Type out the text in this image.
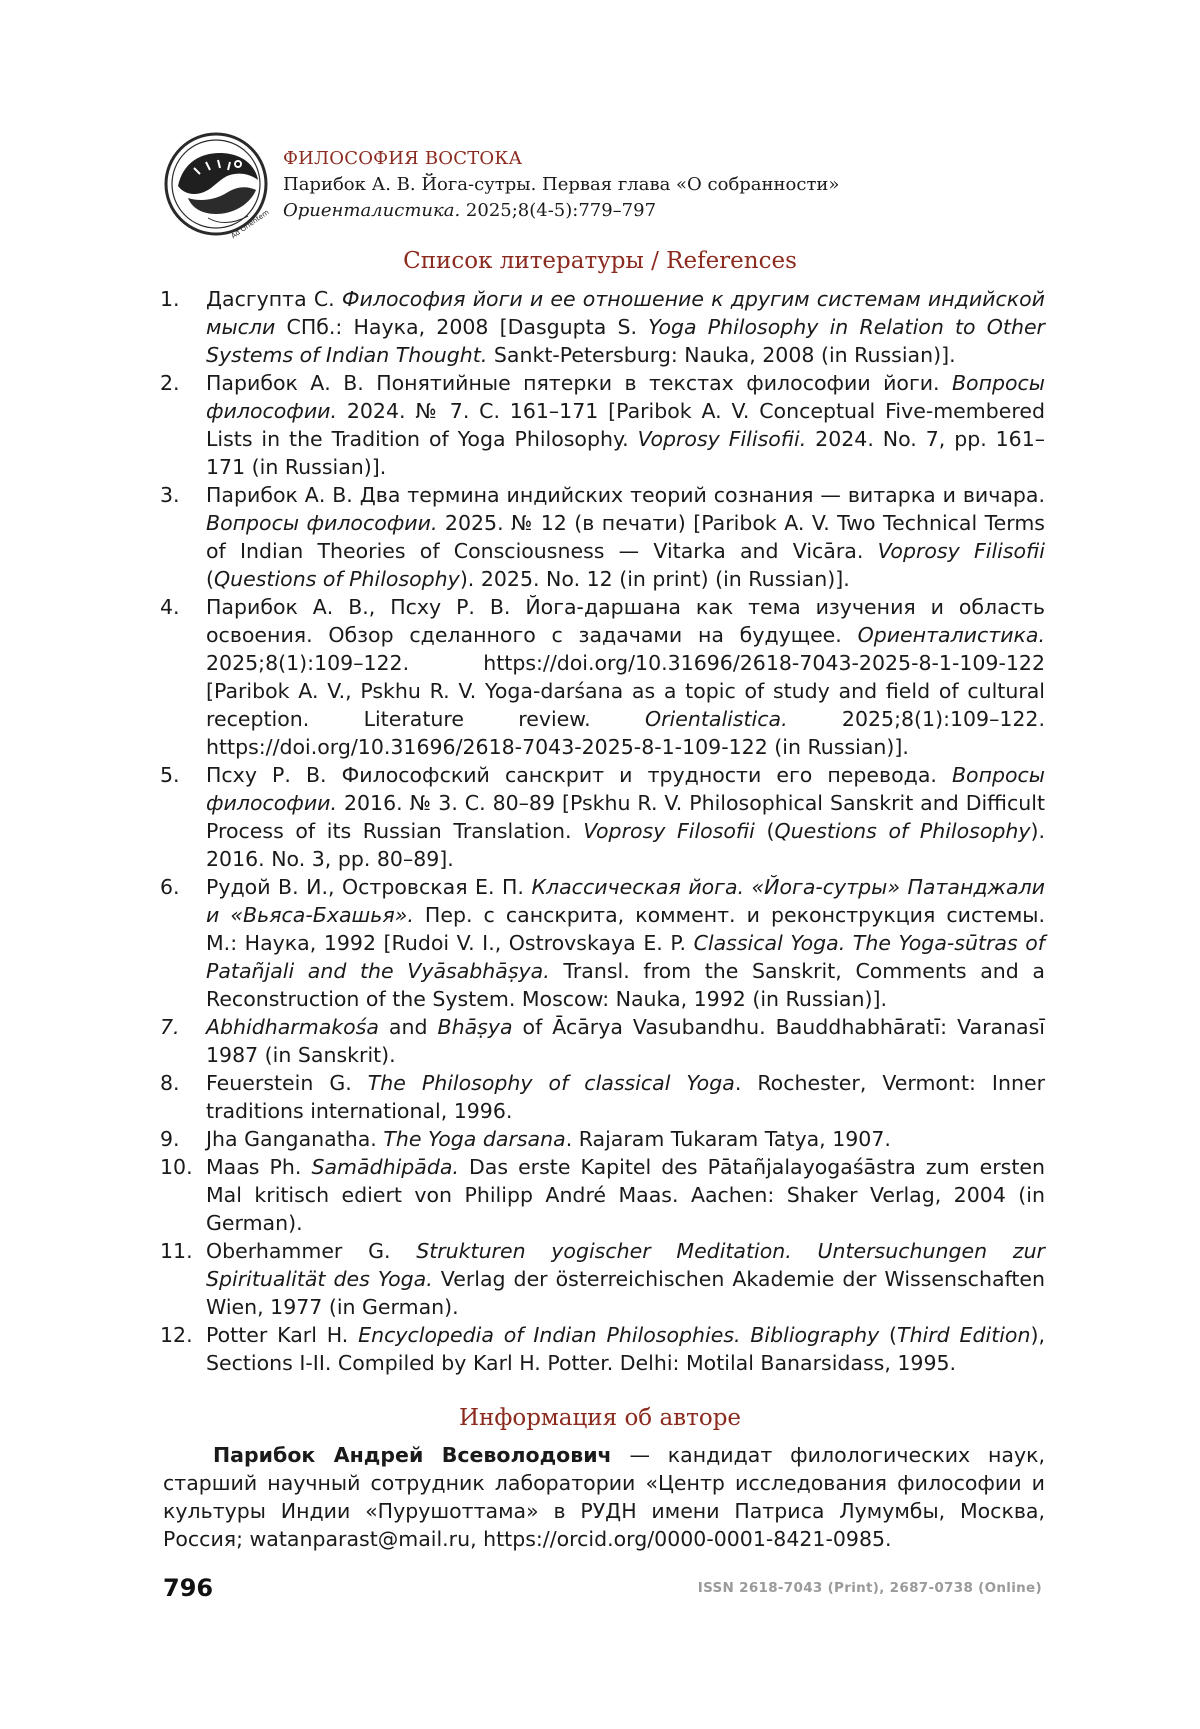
Ad Orientem
ФИЛОСОФИЯ ВОСТОКА
Парибок А. В. Йога-сутры. Первая глава «О собранности»
Ориенталистика. 2025;8(4-5):779–797
Список литературы / References
1.	Дасгупта С. Философия йоги и ее отношение к другим системам индийской мысли СПб.: Наука, 2008 [Dasgupta S. Yoga Philosophy in Relation to Other Systems of Indian Thought. Sankt-Petersburg: Nauka, 2008 (in Russian)].
2.	Парибок А. В. Понятийные пятерки в текстах философии йоги. Вопросы философии. 2024. № 7. С. 161–171 [Paribok A. V. Conceptual Five-membered Lists in the Tradition of Yoga Philosophy. Voprosy Filisofii. 2024. No. 7, pp. 161–171 (in Russian)].
3.	Парибок А. В. Два термина индийских теорий сознания — витарка и вичара. Вопросы философии. 2025. № 12 (в печати) [Paribok A. V. Two Technical Terms of Indian Theories of Consciousness — Vitarka and Vicāra. Voprosy Filisofii (Questions of Philosophy). 2025. No. 12 (in print) (in Russian)].
4.	Парибок А. В., Псху Р. В. Йога-даршана как тема изучения и область освоения. Обзор сделанного с задачами на будущее. Ориенталистика. 2025;8(1):109–122. https://doi.org/10.31696/2618-7043-2025-8-1-109-122 [Paribok A. V., Pskhu R. V. Yoga-darśana as a topic of study and field of cultural reception. Literature review. Orientalistica. 2025;8(1):109–122. https://doi.org/10.31696/2618-7043-2025-8-1-109-122 (in Russian)].
5.	Псху Р. В. Философский санскрит и трудности его перевода. Вопросы философии. 2016. № 3. С. 80–89 [Pskhu R. V. Philosophical Sanskrit and Difficult Process of its Russian Translation. Voprosy Filosofii (Questions of Philosophy). 2016. No. 3, pp. 80–89].
6.	Рудой В. И., Островская Е. П. Классическая йога. «Йога-сутры» Патанджали и «Вьяса-Бхашья». Пер. с санскрита, коммент. и реконструкция системы. М.: Наука, 1992 [Rudoi V. I., Ostrovskaya E. P. Classical Yoga. The Yoga-sūtras of Patañjali and the Vyāsabhāṣya. Transl. from the Sanskrit, Comments and a Reconstruction of the System. Moscow: Nauka, 1992 (in Russian)].
7.	Abhidharmakośa and Bhāṣya of Ācārya Vasubandhu. Bauddhabhāratī: Varanasī 1987 (in Sanskrit).
8.	Feuerstein G. The Philosophy of classical Yoga. Rochester, Vermont: Inner traditions international, 1996.
9.	Jha Ganganatha. The Yoga darsana. Rajaram Tukaram Tatya, 1907.
10. Maas Ph. Samādhipāda. Das erste Kapitel des Pātañjalayogaśāstra zum ersten Mal kritisch ediert von Philipp André Maas. Aachen: Shaker Verlag, 2004 (in German).
11. Oberhammer G. Strukturen yogischer Meditation. Untersuchungen zur Spiritualität des Yoga. Verlag der österreichischen Akademie der Wissenschaften Wien, 1977 (in German).
12. Potter Karl H. Encyclopedia of Indian Philosophies. Bibliography (Third Edition), Sections I-II. Compiled by Karl H. Potter. Delhi: Motilal Banarsidass, 1995.
Информация об авторе
Парибок Андрей Всеволодович — кандидат филологических наук, старший научный сотрудник лаборатории «Центр исследования философии и культуры Индии «Пурушоттама» в РУДН имени Патриса Лумумбы, Москва, Россия; watanparast@mail.ru, https://orcid.org/0000-0001-8421-0985.
796	ISSN 2618-7043 (Print), 2687-0738 (Online)
